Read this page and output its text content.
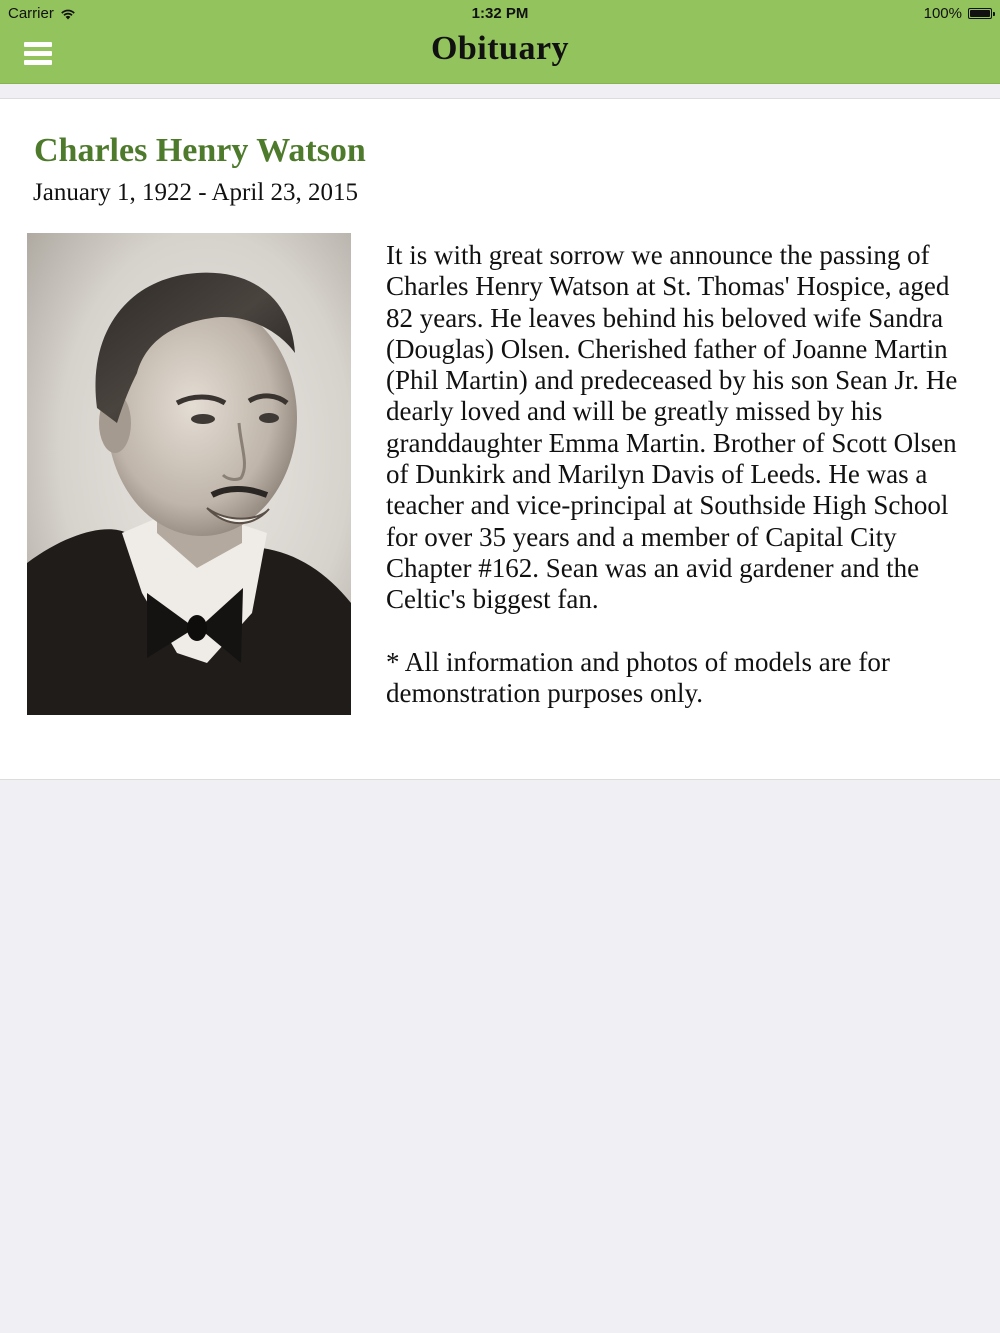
Carrier	1:32 PM	100%
Obituary
Charles Henry Watson
January 1, 1922 - April 23, 2015

It is with great sorrow we announce the passing of Charles Henry Watson at St. Thomas' Hospice, aged 82 years. He leaves behind his beloved wife Sandra (Douglas) Olsen. Cherished father of Joanne Martin (Phil Martin) and predeceased by his son Sean Jr. He dearly loved and will be greatly missed by his granddaughter Emma Martin. Brother of Scott Olsen of Dunkirk and Marilyn Davis of Leeds. He was a teacher and vice-principal at Southside High School for over 35 years and a member of Capital City Chapter #162. Sean was an avid gardener and the Celtic's biggest fan.

* All information and photos of models are for demonstration purposes only.
